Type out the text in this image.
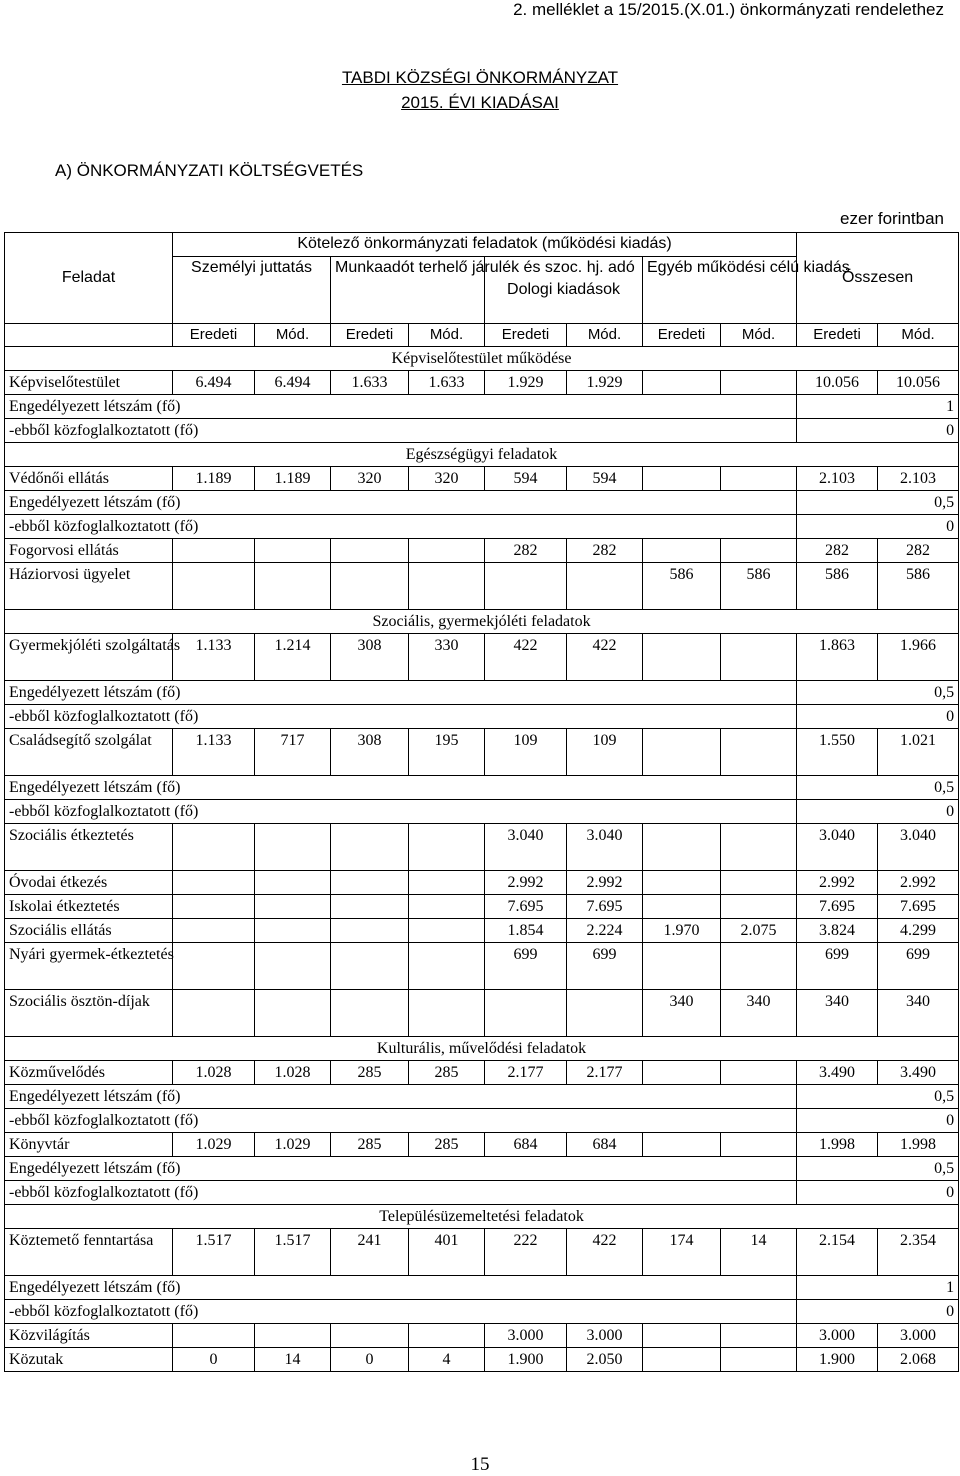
2. melléklet a 15/2015.(X.01.) önkormányzati rendelethez
TABDI KÖZSÉGI ÖNKORMÁNYZAT
2015. ÉVI KIADÁSAI
A) ÖNKORMÁNYZATI KÖLTSÉGVETÉS
ezer forintban
Feladat	Kötelező önkormányzati feladatok (működési kiadás)								Összesen	
	Személyi juttatás		Munkaadót terhelő járulék és szoc. hj. adó		Dologi kiadások		Egyéb működési célú kiadás			
	Eredeti	Mód.	Eredeti	Mód.	Eredeti	Mód.	Eredeti	Mód.	Eredeti	Mód.
Képviselőtestület működése										
Képviselőtestület	6.494	6.494	1.633	1.633	1.929	1.929			10.056	10.056
Engedélyezett létszám (fő)									1	
-ebből közfoglalkoztatott (fő)									0	
Egészségügyi feladatok										
Védőnői ellátás	1.189	1.189	320	320	594	594			2.103	2.103
Engedélyezett létszám (fő)									0,5	
-ebből közfoglalkoztatott (fő)									0	
Fogorvosi ellátás					282	282			282	282
Háziorvosi ügyelet							586	586	586	586
Szociális, gyermekjóléti feladatok										
Gyermekjóléti szolgáltatás	1.133	1.214	308	330	422	422			1.863	1.966
Engedélyezett létszám (fő)									0,5	
-ebből közfoglalkoztatott (fő)									0	
Családsegítő szolgálat	1.133	717	308	195	109	109			1.550	1.021
Engedélyezett létszám (fő)									0,5	
-ebből közfoglalkoztatott (fő)									0	
Szociális étkeztetés					3.040	3.040			3.040	3.040
Óvodai étkezés					2.992	2.992			2.992	2.992
Iskolai étkeztetés					7.695	7.695			7.695	7.695
Szociális ellátás					1.854	2.224	1.970	2.075	3.824	4.299
Nyári gyermek-étkeztetés					699	699			699	699
Szociális ösztön-díjak							340	340	340	340
Kulturális, művelődési feladatok										
Közművelődés	1.028	1.028	285	285	2.177	2.177			3.490	3.490
Engedélyezett létszám (fő)									0,5	
-ebből közfoglalkoztatott (fő)									0	
Könyvtár	1.029	1.029	285	285	684	684			1.998	1.998
Engedélyezett létszám (fő)									0,5	
-ebből közfoglalkoztatott (fő)									0	
Településüzemeltetési feladatok										
Köztemető fenntartása	1.517	1.517	241	401	222	422	174	14	2.154	2.354
Engedélyezett létszám (fő)									1	
-ebből közfoglalkoztatott (fő)									0	
Közvilágítás					3.000	3.000			3.000	3.000
Közutak	0	14	0	4	1.900	2.050			1.900	2.068
15
